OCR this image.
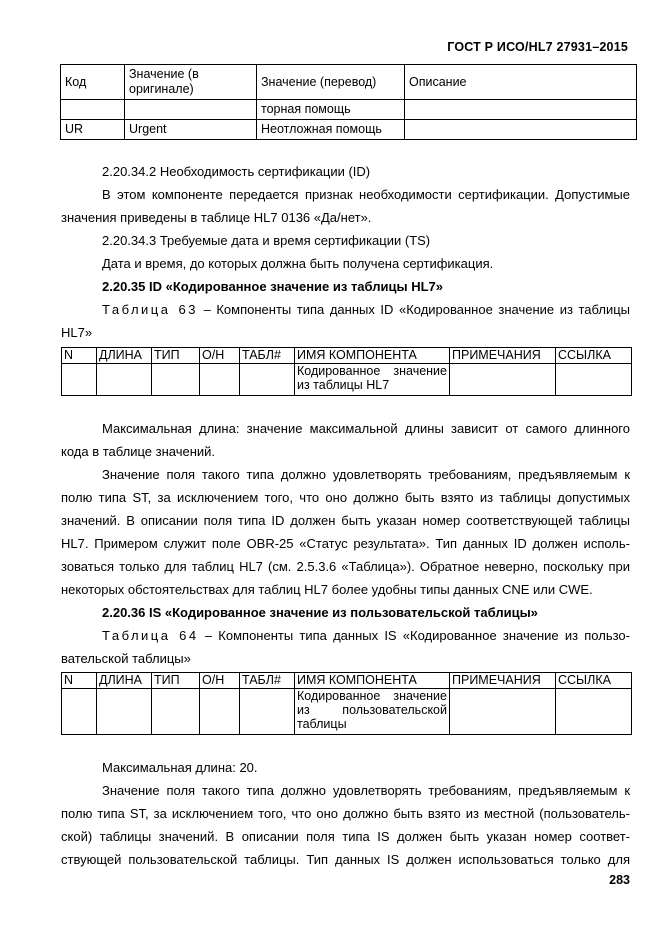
ГОСТ Р ИСО/HL7 27931–2015
Код	Значение (в оригинале)	Значение (перевод)	Описание
		торная помощь	
UR	Urgent	Неотложная помощь	
2.20.34.2 Необходимость сертификации (ID)
В этом компоненте передается признак необходимости сертификации. Допустимые
значения приведены в таблице HL7 0136 «Да/нет».
2.20.34.3 Требуемые дата и время сертификации (TS)
Дата и время, до которых должна быть получена сертификация.
2.20.35 ID «Кодированное значение из таблицы HL7»
Таблица 63 – Компоненты типа данных ID «Кодированное значение из таблицы
HL7»
N	ДЛИНА	ТИП	О/Н	ТАБЛ#	ИМЯ КОМПОНЕНТА	ПРИМЕЧАНИЯ	ССЫЛКА
					Кодированное значение из таблицы HL7		
Максимальная длина: значение максимальной длины зависит от самого длинного
кода в таблице значений.
Значение поля такого типа должно удовлетворять требованиям, предъявляемым к
полю типа ST, за исключением того, что оно должно быть взято из таблицы допустимых
значений. В описании поля типа ID должен быть указан номер соответствующей таблицы
HL7. Примером служит поле OBR-25 «Статус результата». Тип данных ID должен исполь-
зоваться только для таблиц HL7 (см. 2.5.3.6 «Таблица»). Обратное неверно, поскольку при
некоторых обстоятельствах для таблиц HL7 более удобны типы данных CNE или CWE.
2.20.36 IS «Кодированное значение из пользовательской таблицы»
Таблица 64 – Компоненты типа данных IS «Кодированное значение из пользо-
вательской таблицы»
N	ДЛИНА	ТИП	О/Н	ТАБЛ#	ИМЯ КОМПОНЕНТА	ПРИМЕЧАНИЯ	ССЫЛКА
					Кодированное значение из пользовательской таблицы		
Максимальная длина: 20.
Значение поля такого типа должно удовлетворять требованиям, предъявляемым к
полю типа ST, за исключением того, что оно должно быть взято из местной (пользователь-
ской) таблицы значений. В описании поля типа IS должен быть указан номер соответ-
ствующей пользовательской таблицы. Тип данных IS должен использоваться только для
283
